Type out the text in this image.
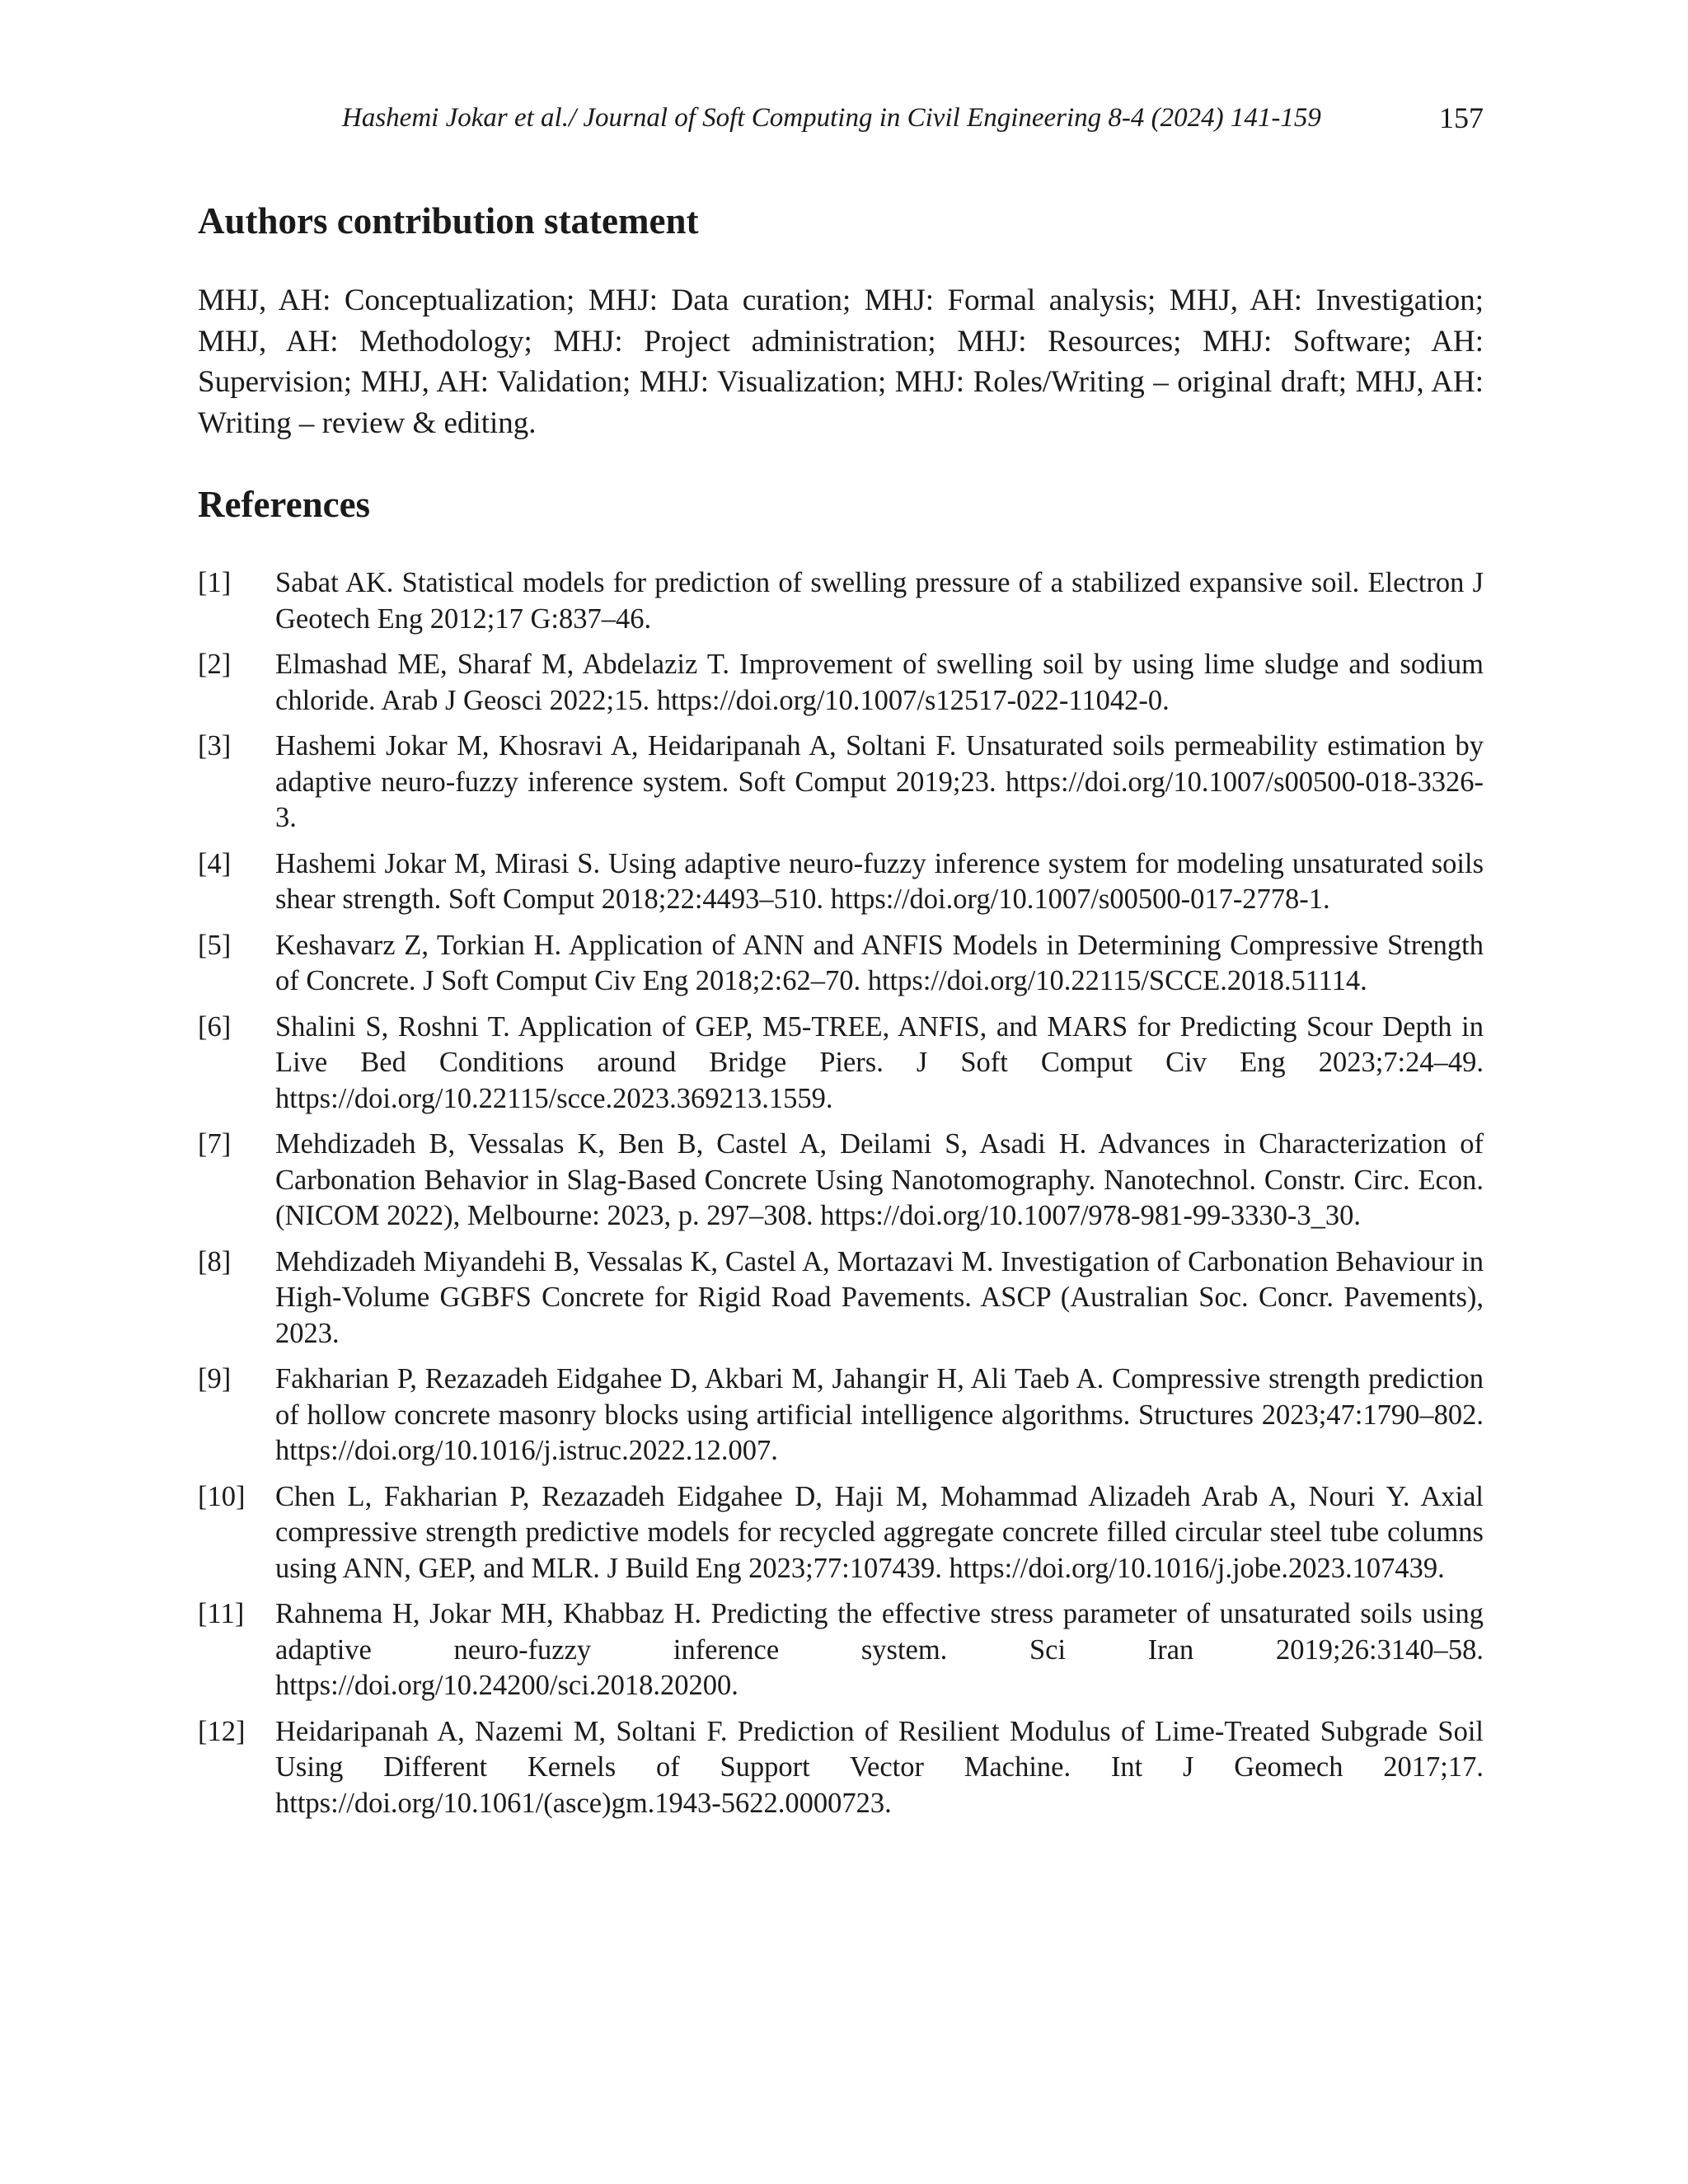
Hashemi Jokar et al./ Journal of Soft Computing in Civil Engineering 8-4 (2024) 141-159	157
Authors contribution statement

MHJ, AH: Conceptualization; MHJ: Data curation; MHJ: Formal analysis; MHJ, AH: Investigation; MHJ, AH: Methodology; MHJ: Project administration; MHJ: Resources; MHJ: Software; AH: Supervision; MHJ, AH: Validation; MHJ: Visualization; MHJ: Roles/Writing – original draft; MHJ, AH: Writing – review & editing.

References
[1]	Sabat AK. Statistical models for prediction of swelling pressure of a stabilized expansive soil. Electron J Geotech Eng 2012;17 G:837–46.
[2]	Elmashad ME, Sharaf M, Abdelaziz T. Improvement of swelling soil by using lime sludge and sodium chloride. Arab J Geosci 2022;15. https://doi.org/10.1007/s12517-022-11042-0.
[3]	Hashemi Jokar M, Khosravi A, Heidaripanah A, Soltani F. Unsaturated soils permeability estimation by adaptive neuro-fuzzy inference system. Soft Comput 2019;23. https://doi.org/10.1007/s00500-018-3326-3.
[4]	Hashemi Jokar M, Mirasi S. Using adaptive neuro-fuzzy inference system for modeling unsaturated soils shear strength. Soft Comput 2018;22:4493–510. https://doi.org/10.1007/s00500-017-2778-1.
[5]	Keshavarz Z, Torkian H. Application of ANN and ANFIS Models in Determining Compressive Strength of Concrete. J Soft Comput Civ Eng 2018;2:62–70. https://doi.org/10.22115/SCCE.2018.51114.
[6]	Shalini S, Roshni T. Application of GEP, M5-TREE, ANFIS, and MARS for Predicting Scour Depth in Live Bed Conditions around Bridge Piers. J Soft Comput Civ Eng 2023;7:24–49. https://doi.org/10.22115/scce.2023.369213.1559.
[7]	Mehdizadeh B, Vessalas K, Ben B, Castel A, Deilami S, Asadi H. Advances in Characterization of Carbonation Behavior in Slag-Based Concrete Using Nanotomography. Nanotechnol. Constr. Circ. Econ. (NICOM 2022), Melbourne: 2023, p. 297–308. https://doi.org/10.1007/978-981-99-3330-3_30.
[8]	Mehdizadeh Miyandehi B, Vessalas K, Castel A, Mortazavi M. Investigation of Carbonation Behaviour in High-Volume GGBFS Concrete for Rigid Road Pavements. ASCP (Australian Soc. Concr. Pavements), 2023.
[9]	Fakharian P, Rezazadeh Eidgahee D, Akbari M, Jahangir H, Ali Taeb A. Compressive strength prediction of hollow concrete masonry blocks using artificial intelligence algorithms. Structures 2023;47:1790–802. https://doi.org/10.1016/j.istruc.2022.12.007.
[10]	Chen L, Fakharian P, Rezazadeh Eidgahee D, Haji M, Mohammad Alizadeh Arab A, Nouri Y. Axial compressive strength predictive models for recycled aggregate concrete filled circular steel tube columns using ANN, GEP, and MLR. J Build Eng 2023;77:107439. https://doi.org/10.1016/j.jobe.2023.107439.
[11]	Rahnema H, Jokar MH, Khabbaz H. Predicting the effective stress parameter of unsaturated soils using adaptive neuro-fuzzy inference system. Sci Iran 2019;26:3140–58. https://doi.org/10.24200/sci.2018.20200.
[12]	Heidaripanah A, Nazemi M, Soltani F. Prediction of Resilient Modulus of Lime-Treated Subgrade Soil Using Different Kernels of Support Vector Machine. Int J Geomech 2017;17. https://doi.org/10.1061/(asce)gm.1943-5622.0000723.
